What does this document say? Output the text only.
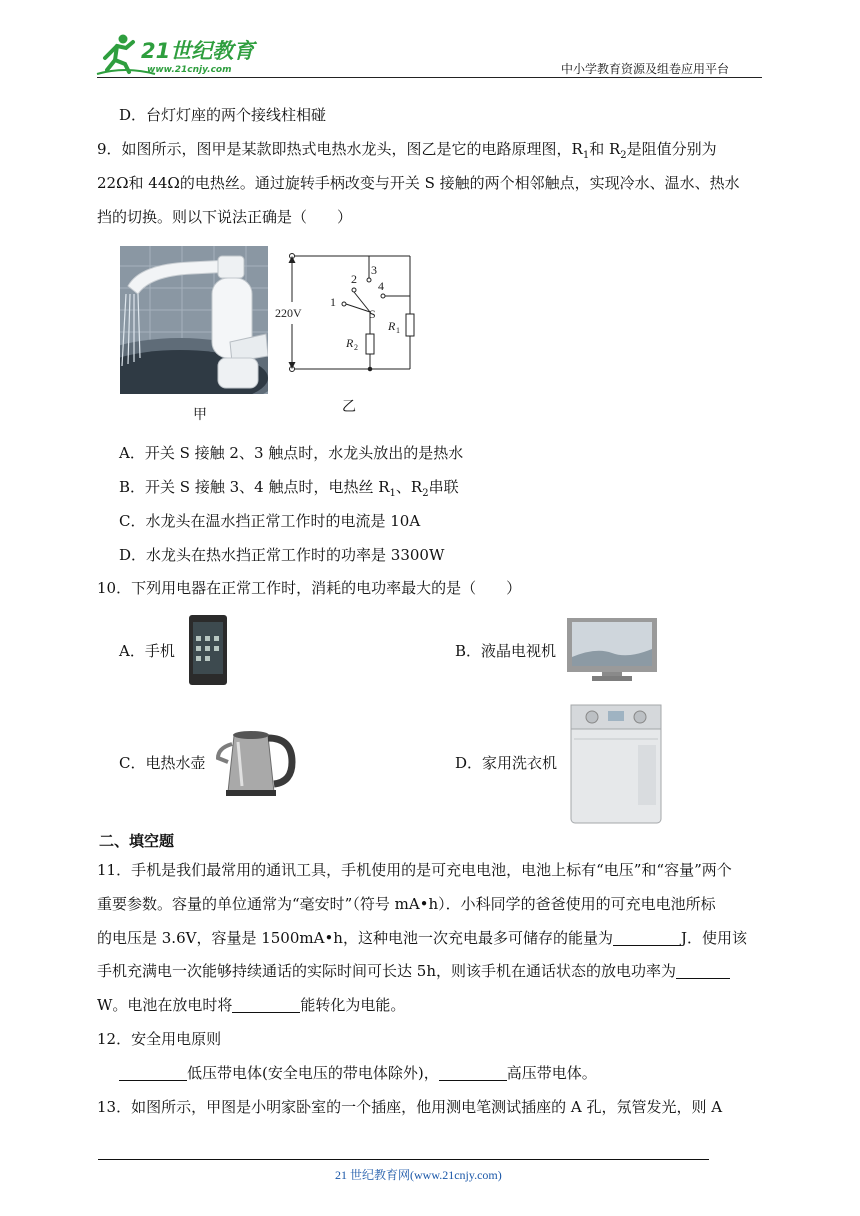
21世纪教育
www.21cnjy.com	中小学教育资源及组卷应用平台
D．台灯灯座的两个接线柱相碰
9．如图所示，图甲是某款即热式电热水龙头，图乙是它的电路原理图，$R_1$和 $R_2$是阻值分别为
22Ω和 44Ω的电热丝。通过旋转手柄改变与开关 S 接触的两个相邻触点，实现冷水、温水、热水
挡的切换。则以下说法正确是（　　）
甲
220V
2
3
4
1
S
R 1
R 2
乙
A．开关 S 接触 2、3 触点时，水龙头放出的是热水
B．开关 S 接触 3、4 触点时，电热丝 $R_1$、$R_2$串联
C．水龙头在温水挡正常工作时的电流是 10A
D．水龙头在热水挡正常工作时的功率是 3300W
10．下列用电器在正常工作时，消耗的电功率最大的是（　　）
A．手机	B．液晶电视机
C．电热水壶	D．家用洗衣机
二、填空题
11．手机是我们最常用的通讯工具，手机使用的是可充电电池，电池上标有“电压”和“容量”两个
重要参数。容量的单位通常为“毫安时”（符号 mA•h）．小科同学的爸爸使用的可充电电池所标
的电压是 3.6V，容量是 1500mA•h，这种电池一次充电最多可储存的能量为	J．使用该
手机充满电一次能够持续通话的实际时间可长达 5h，则该手机在通话状态的放电功率为
W。电池在放电时将	能转化为电能。
12．安全用电原则
低压带电体(安全电压的带电体除外)，	高压带电体。
13．如图所示，甲图是小明家卧室的一个插座，他用测电笔测试插座的 A 孔，氖管发光，则 A
21 世纪教育网(www.21cnjy.com)
